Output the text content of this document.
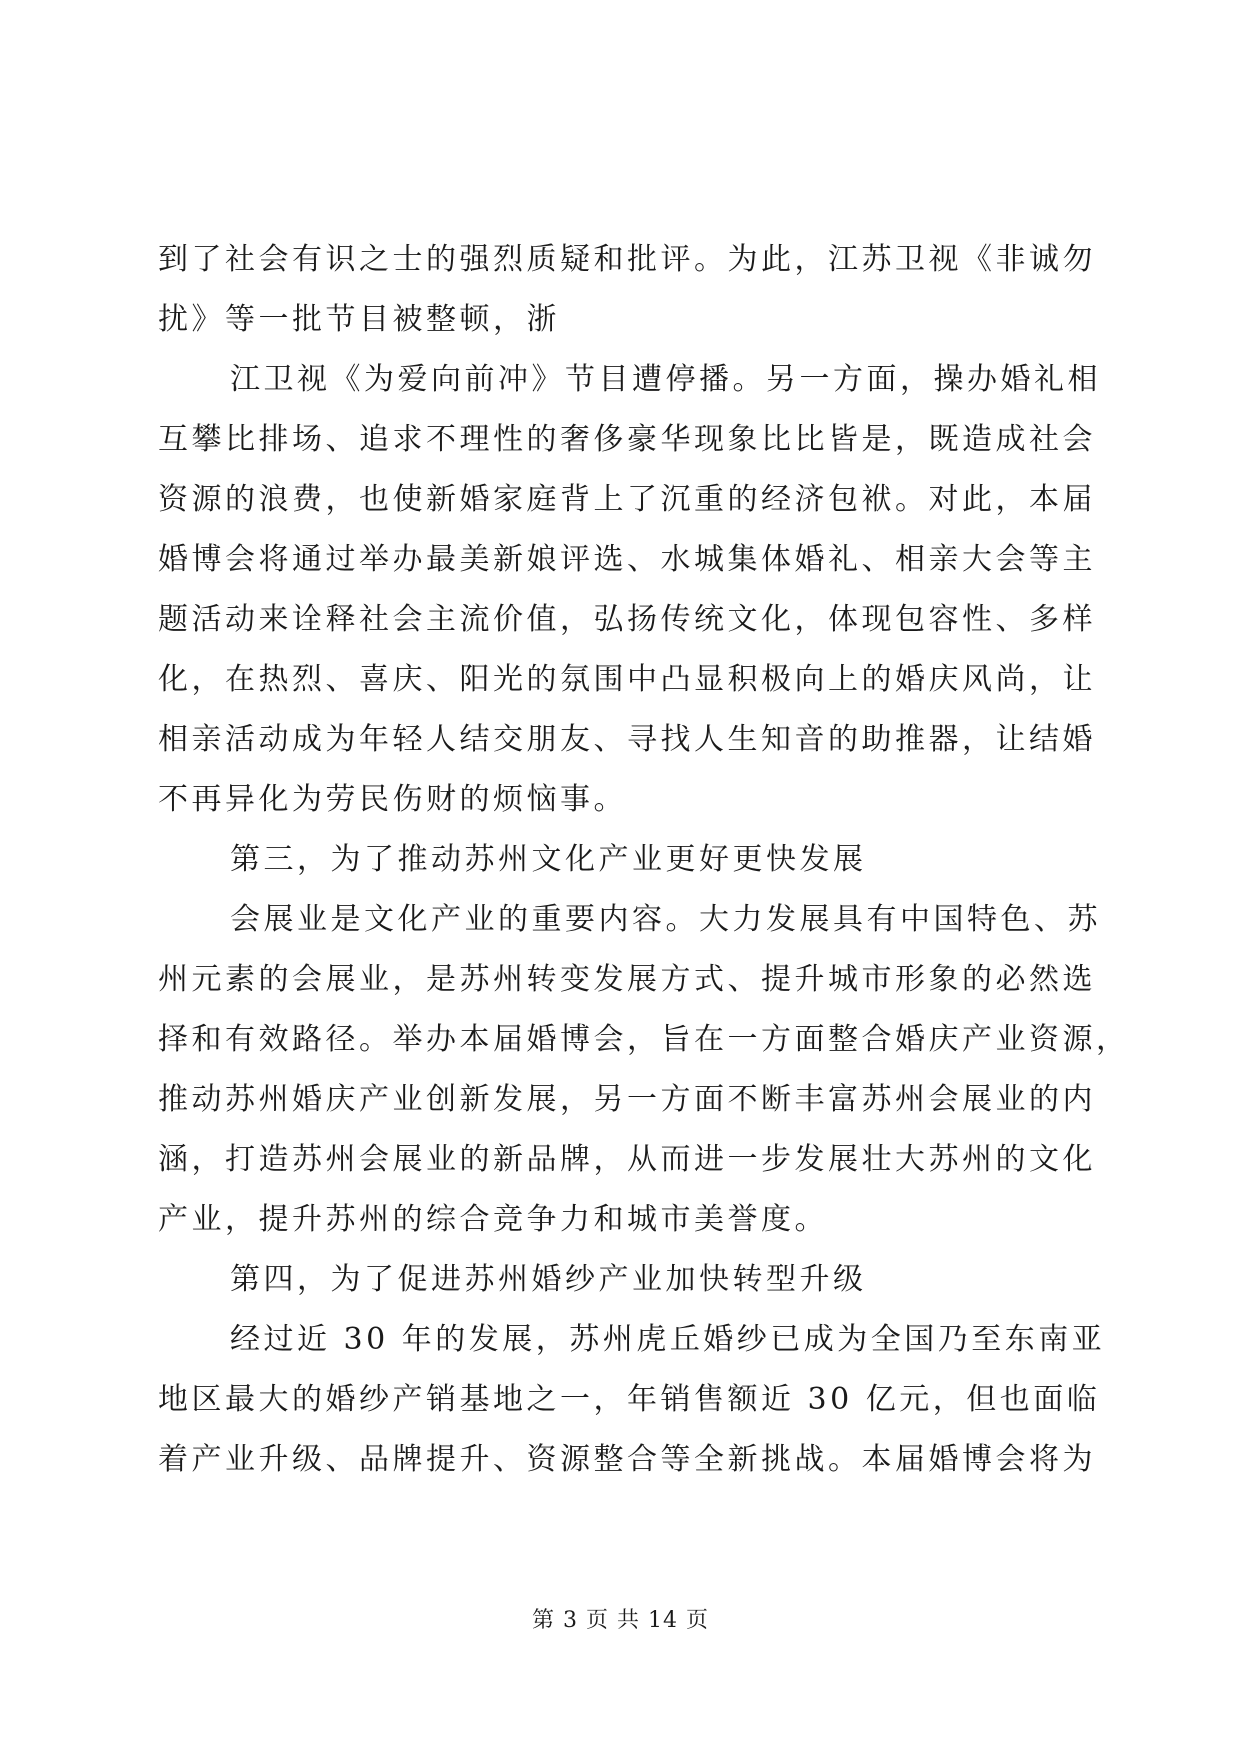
到了社会有识之士的强烈质疑和批评。为此，江苏卫视《非诚勿
扰》等一批节目被整顿，浙
江卫视《为爱向前冲》节目遭停播。另一方面，操办婚礼相
互攀比排场、追求不理性的奢侈豪华现象比比皆是，既造成社会
资源的浪费，也使新婚家庭背上了沉重的经济包袱。对此，本届
婚博会将通过举办最美新娘评选、水城集体婚礼、相亲大会等主
题活动来诠释社会主流价值，弘扬传统文化，体现包容性、多样
化，在热烈、喜庆、阳光的氛围中凸显积极向上的婚庆风尚，让
相亲活动成为年轻人结交朋友、寻找人生知音的助推器，让结婚
不再异化为劳民伤财的烦恼事。
第三，为了推动苏州文化产业更好更快发展
会展业是文化产业的重要内容。大力发展具有中国特色、苏
州元素的会展业，是苏州转变发展方式、提升城市形象的必然选
择和有效路径。举办本届婚博会，旨在一方面整合婚庆产业资源，
推动苏州婚庆产业创新发展，另一方面不断丰富苏州会展业的内
涵，打造苏州会展业的新品牌，从而进一步发展壮大苏州的文化
产业，提升苏州的综合竞争力和城市美誉度。
第四，为了促进苏州婚纱产业加快转型升级
经过近 30 年的发展，苏州虎丘婚纱已成为全国乃至东南亚
地区最大的婚纱产销基地之一，年销售额近 30 亿元，但也面临
着产业升级、品牌提升、资源整合等全新挑战。本届婚博会将为
第 3 页 共 14 页
